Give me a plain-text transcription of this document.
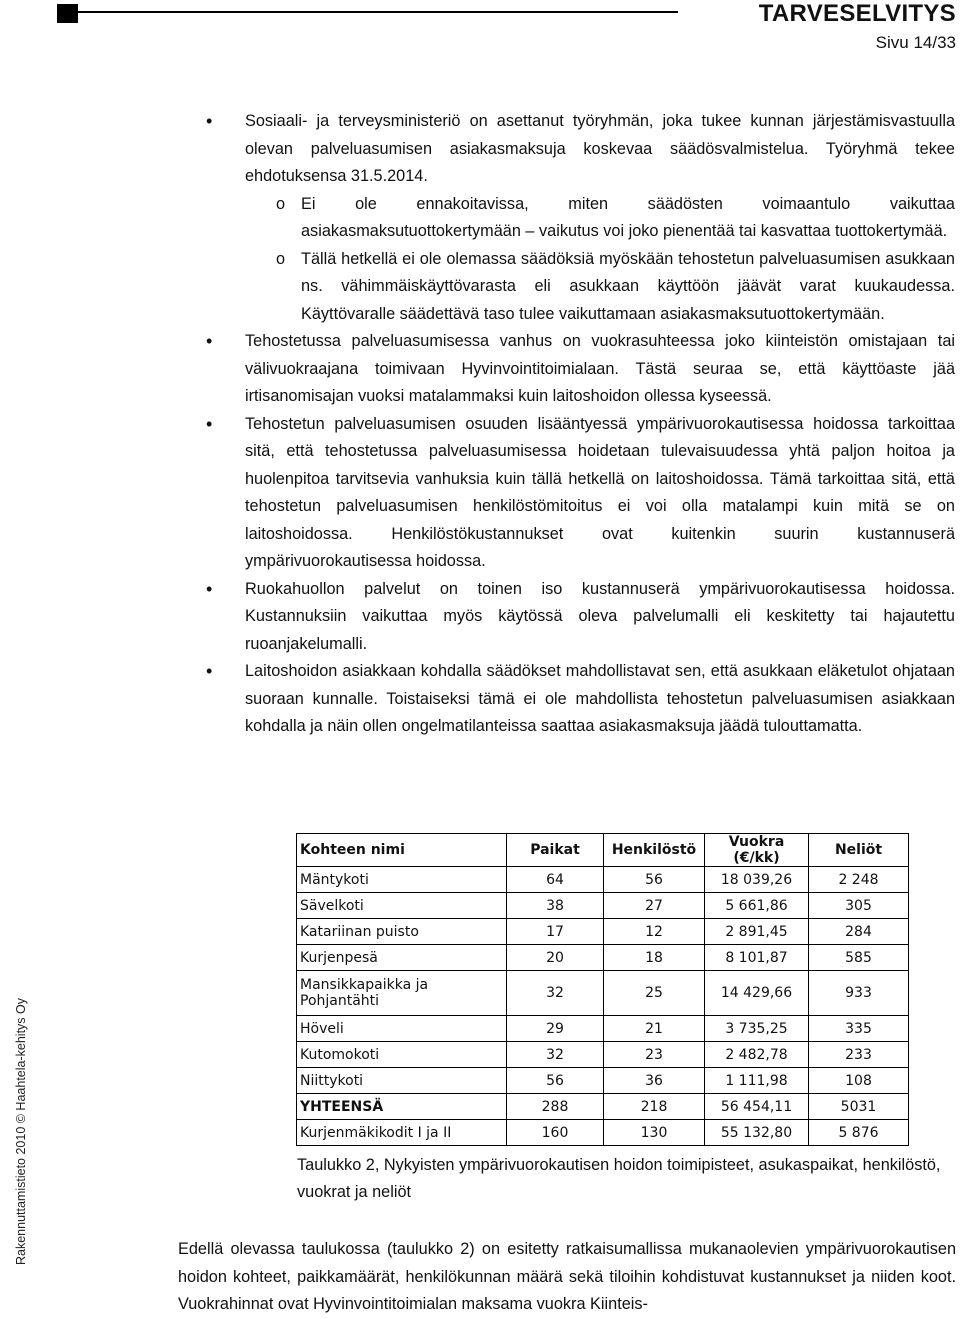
TARVESELVITYS
Sivu 14/33
• Sosiaali- ja terveysministeriö on asettanut työryhmän, joka tukee kunnan järjestämisvastuulla olevan palveluasumisen asiakasmaksuja koskevaa säädösvalmistelua. Työryhmä tekee ehdotuksensa 31.5.2014.
o Ei ole ennakoitavissa, miten säädösten voimaantulo vaikuttaa asiakasmaksutuottokertymään – vaikutus voi joko pienentää tai kasvattaa tuottokertymää.
o Tällä hetkellä ei ole olemassa säädöksiä myöskään tehostetun palveluasumisen asukkaan ns. vähimmäiskäyttövarasta eli asukkaan käyttöön jäävät varat kuukaudessa. Käyttövaralle säädettävä taso tulee vaikuttamaan asiakasmaksutuottokertymään.
• Tehostetussa palveluasumisessa vanhus on vuokrasuhteessa joko kiinteistön omistajaan tai välivuokraajana toimivaan Hyvinvointitoimialaan. Tästä seuraa se, että käyttöaste jää irtisanomisajan vuoksi matalammaksi kuin laitoshoidon ollessa kyseessä.
• Tehostetun palveluasumisen osuuden lisääntyessä ympärivuorokautisessa hoidossa tarkoittaa sitä, että tehostetussa palveluasumisessa hoidetaan tulevaisuudessa yhtä paljon hoitoa ja huolenpitoa tarvitsevia vanhuksia kuin tällä hetkellä on laitoshoidossa. Tämä tarkoittaa sitä, että tehostetun palveluasumisen henkilöstömitoitus ei voi olla matalampi kuin mitä se on laitoshoidossa. Henkilöstökustannukset ovat kuitenkin suurin kustannuserä ympärivuorokautisessa hoidossa.
• Ruokahuollon palvelut on toinen iso kustannuserä ympärivuorokautisessa hoidossa. Kustannuksiin vaikuttaa myös käytössä oleva palvelumalli eli keskitetty tai hajautettu ruoanjakelumalli.
• Laitoshoidon asiakkaan kohdalla säädökset mahdollistavat sen, että asukkaan eläketulot ohjataan suoraan kunnalle. Toistaiseksi tämä ei ole mahdollista tehostetun palveluasumisen asiakkaan kohdalla ja näin ollen ongelmatilanteissa saattaa asiakasmaksuja jäädä tulouttamatta.
Kohteen nimi	Paikat	Henkilöstö	Vuokra (€/kk)	Neliöt
Mäntykoti	64	56	18 039,26	2 248
Sävelkoti	38	27	5 661,86	305
Katariinan puisto	17	12	2 891,45	284
Kurjenpesä	20	18	8 101,87	585
Mansikkapaikka ja Pohjantähti	32	25	14 429,66	933
Höveli	29	21	3 735,25	335
Kutomokoti	32	23	2 482,78	233
Niittykoti	56	36	1 111,98	108
YHTEENSÄ	288	218	56 454,11	5031
Kurjenmäkikodit I ja II	160	130	55 132,80	5 876
Taulukko 2, Nykyisten ympärivuorokautisen hoidon toimipisteet, asukaspaikat, henkilöstö, vuokrat ja neliöt
Edellä olevassa taulukossa (taulukko 2) on esitetty ratkaisumallissa mukanaolevien ympärivuorokautisen hoidon kohteet, paikkamäärät, henkilökunnan määrä sekä tiloihin kohdistuvat kustannukset ja niiden koot. Vuokrahinnat ovat Hyvinvointitoimialan maksama vuokra Kiinteis-
Rakennuttamistieto 2010 © Haahtela-kehitys Oy
